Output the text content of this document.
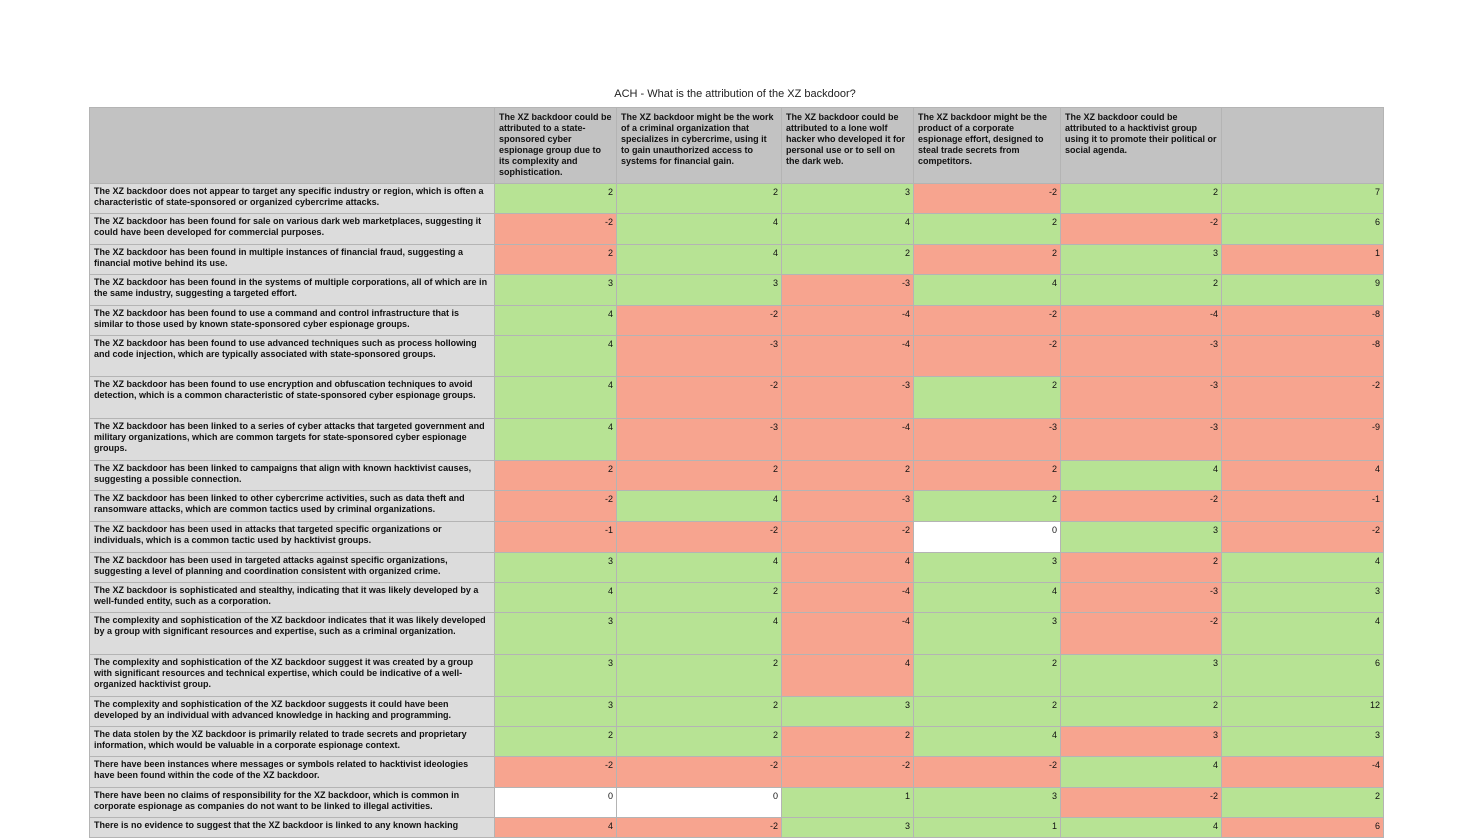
ACH - What is the attribution of the XZ backdoor?
	The XZ backdoor could be attributed to a state-sponsored cyber espionage group due to its complexity and sophistication.	The XZ backdoor might be the work of a criminal organization that specializes in cybercrime, using it to gain unauthorized access to systems for financial gain.	The XZ backdoor could be attributed to a lone wolf hacker who developed it for personal use or to sell on the dark web.	The XZ backdoor might be the product of a corporate espionage effort, designed to steal trade secrets from competitors.	The XZ backdoor could be attributed to a hacktivist group using it to promote their political or social agenda.	
The XZ backdoor does not appear to target any specific industry or region, which is often a characteristic of state-sponsored or organized cybercrime attacks.	2	2	3	-2	2	7
The XZ backdoor has been found for sale on various dark web marketplaces, suggesting it could have been developed for commercial purposes.	-2	4	4	2	-2	6
The XZ backdoor has been found in multiple instances of financial fraud, suggesting a financial motive behind its use.	2	4	2	2	3	1
The XZ backdoor has been found in the systems of multiple corporations, all of which are in the same industry, suggesting a targeted effort.	3	3	-3	4	2	9
The XZ backdoor has been found to use a command and control infrastructure that is similar to those used by known state-sponsored cyber espionage groups.	4	-2	-4	-2	-4	-8
The XZ backdoor has been found to use advanced techniques such as process hollowing and code injection, which are typically associated with state-sponsored groups.	4	-3	-4	-2	-3	-8
The XZ backdoor has been found to use encryption and obfuscation techniques to avoid detection, which is a common characteristic of state-sponsored cyber espionage groups.	4	-2	-3	2	-3	-2
The XZ backdoor has been linked to a series of cyber attacks that targeted government and military organizations, which are common targets for state-sponsored cyber espionage groups.	4	-3	-4	-3	-3	-9
The XZ backdoor has been linked to campaigns that align with known hacktivist causes, suggesting a possible connection.	2	2	2	2	4	4
The XZ backdoor has been linked to other cybercrime activities, such as data theft and ransomware attacks, which are common tactics used by criminal organizations.	-2	4	-3	2	-2	-1
The XZ backdoor has been used in attacks that targeted specific organizations or individuals, which is a common tactic used by hacktivist groups.	-1	-2	-2	0	3	-2
The XZ backdoor has been used in targeted attacks against specific organizations, suggesting a level of planning and coordination consistent with organized crime.	3	4	4	3	2	4
The XZ backdoor is sophisticated and stealthy, indicating that it was likely developed by a well-funded entity, such as a corporation.	4	2	-4	4	-3	3
The complexity and sophistication of the XZ backdoor indicates that it was likely developed by a group with significant resources and expertise, such as a criminal organization.	3	4	-4	3	-2	4
The complexity and sophistication of the XZ backdoor suggest it was created by a group with significant resources and technical expertise, which could be indicative of a well-organized hacktivist group.	3	2	4	2	3	6
The complexity and sophistication of the XZ backdoor suggests it could have been developed by an individual with advanced knowledge in hacking and programming.	3	2	3	2	2	12
The data stolen by the XZ backdoor is primarily related to trade secrets and proprietary information, which would be valuable in a corporate espionage context.	2	2	2	4	3	3
There have been instances where messages or symbols related to hacktivist ideologies have been found within the code of the XZ backdoor.	-2	-2	-2	-2	4	-4
There have been no claims of responsibility for the XZ backdoor, which is common in corporate espionage as companies do not want to be linked to illegal activities.	0	0	1	3	-2	2
There is no evidence to suggest that the XZ backdoor is linked to any known hacking	4	-2	3	1	4	6
